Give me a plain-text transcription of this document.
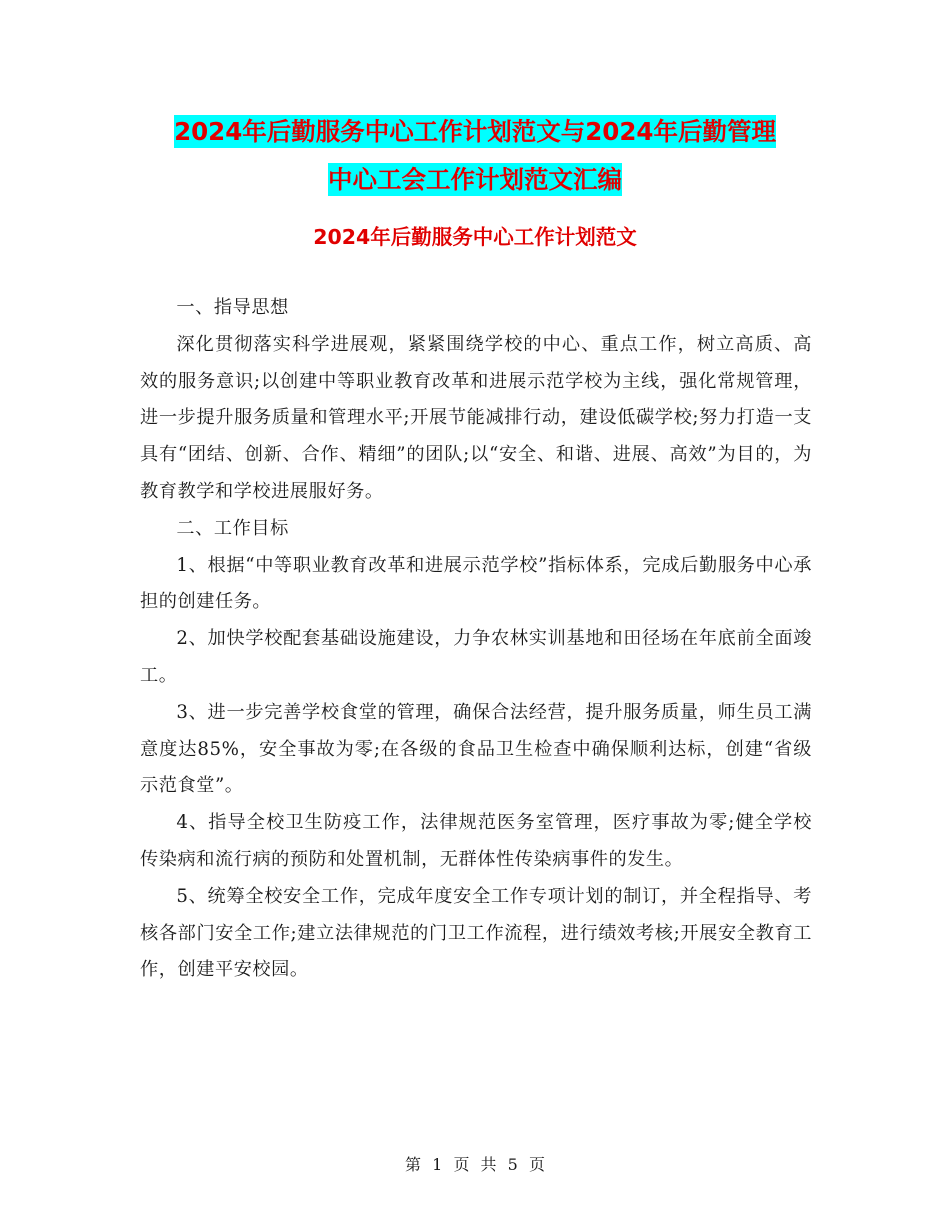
2024年后勤服务中心工作计划范文与2024年后勤管理
中心工会工作计划范文汇编
2024年后勤服务中心工作计划范文

一、指导思想

深化贯彻落实科学进展观，紧紧围绕学校的中心、重点工作，树立高质、高效的服务意识;以创建中等职业教育改革和进展示范学校为主线，强化常规管理，进一步提升服务质量和管理水平;开展节能减排行动，建设低碳学校;努力打造一支具有“团结、创新、合作、精细”的团队;以“安全、和谐、进展、高效”为目的，为教育教学和学校进展服好务。

二、工作目标

1、根据“中等职业教育改革和进展示范学校”指标体系，完成后勤服务中心承担的创建任务。

2、加快学校配套基础设施建设，力争农林实训基地和田径场在年底前全面竣工。

3、进一步完善学校食堂的管理，确保合法经营，提升服务质量，师生员工满意度达85%，安全事故为零;在各级的食品卫生检查中确保顺利达标，创建“省级示范食堂”。

4、指导全校卫生防疫工作，法律规范医务室管理，医疗事故为零;健全学校传染病和流行病的预防和处置机制，无群体性传染病事件的发生。

5、统筹全校安全工作，完成年度安全工作专项计划的制订，并全程指导、考核各部门安全工作;建立法律规范的门卫工作流程，进行绩效考核;开展安全教育工作，创建平安校园。

第 1 页 共 5 页
